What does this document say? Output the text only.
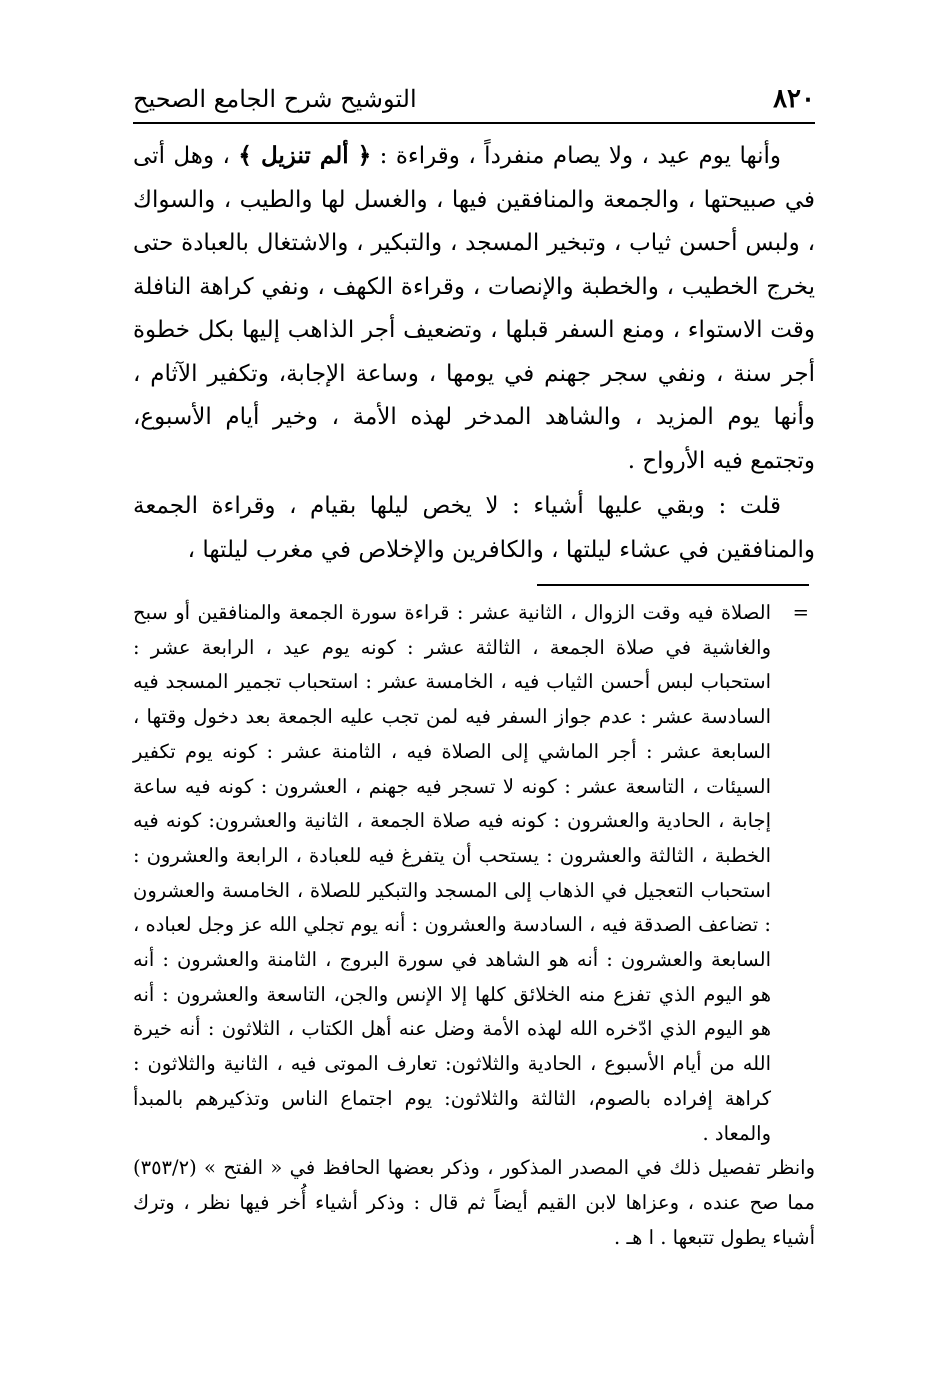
٨٢٠
التوشيح شرح الجامع الصحيح

وأنها يوم عيد ، ولا يصام منفرداً ، وقراءة : ﴿ ألم تنزيل ﴾ ، وهل أتى في صبيحتها ، والجمعة والمنافقين فيها ، والغسل لها والطيب ، والسواك ، ولبس أحسن ثياب ، وتبخير المسجد ، والتبكير ، والاشتغال بالعبادة حتى يخرج الخطيب ، والخطبة والإنصات ، وقراءة الكهف ، ونفي كراهة النافلة وقت الاستواء ، ومنع السفر قبلها ، وتضعيف أجر الذاهب إليها بكل خطوة أجر سنة ، ونفي سجر جهنم في يومها ، وساعة الإجابة، وتكفير الآثام ، وأنها يوم المزيد ، والشاهد المدخر لهذه الأمة ، وخير أيام الأسبوع، وتجتمع فيه الأرواح .

قلت : وبقي عليها أشياء : لا يخص ليلها بقيام ، وقراءة الجمعة والمنافقين في عشاء ليلتها ، والكافرين والإخلاص في مغرب ليلتها ،

=
الصلاة فيه وقت الزوال ، الثانية عشر : قراءة سورة الجمعة والمنافقين أو سبح والغاشية في صلاة الجمعة ، الثالثة عشر : كونه يوم عيد ، الرابعة عشر : استحباب لبس أحسن الثياب فيه ، الخامسة عشر : استحباب تجمير المسجد فيه السادسة عشر : عدم جواز السفر فيه لمن تجب عليه الجمعة بعد دخول وقتها ، السابعة عشر : أجر الماشي إلى الصلاة فيه ، الثامنة عشر : كونه يوم تكفير السيئات ، التاسعة عشر : كونه لا تسجر فيه جهنم ، العشرون : كونه فيه ساعة إجابة ، الحادية والعشرون : كونه فيه صلاة الجمعة ، الثانية والعشرون: كونه فيه الخطبة ، الثالثة والعشرون : يستحب أن يتفرغ فيه للعبادة ، الرابعة والعشرون : استحباب التعجيل في الذهاب إلى المسجد والتبكير للصلاة ، الخامسة والعشرون : تضاعف الصدقة فيه ، السادسة والعشرون : أنه يوم تجلي الله عز وجل لعباده ، السابعة والعشرون : أنه هو الشاهد في سورة البروج ، الثامنة والعشرون : أنه هو اليوم الذي تفزع منه الخلائق كلها إلا الإنس والجن، التاسعة والعشرون : أنه هو اليوم الذي ادّخره الله لهذه الأمة وضل عنه أهل الكتاب ، الثلاثون : أنه خيرة الله من أيام الأسبوع ، الحادية والثلاثون: تعارف الموتى فيه ، الثانية والثلاثون : كراهة إفراده بالصوم، الثالثة والثلاثون: يوم اجتماع الناس وتذكيرهم بالمبدأ والمعاد .

وانظر تفصيل ذلك في المصدر المذكور ، وذكر بعضها الحافظ في « الفتح » (٣٥٣/٢) مما صح عنده ، وعزاها لابن القيم أيضاً ثم قال : وذكر أشياء أُخر فيها نظر ، وترك أشياء يطول تتبعها . ا هـ .
